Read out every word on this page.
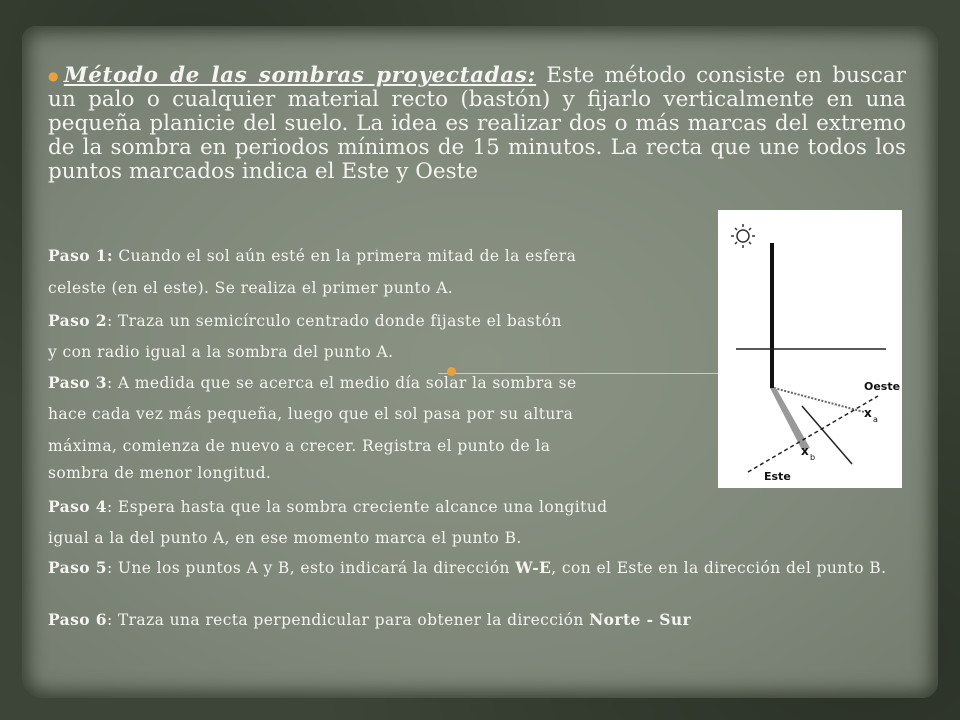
●Método de las sombras proyectadas: Este método consiste en buscar un palo o cualquier material recto (bastón) y fijarlo verticalmente en una pequeña planicie del suelo. La idea es realizar dos o más marcas del extremo de la sombra en periodos mínimos de 15 minutos. La recta que une todos los puntos marcados indica el Este y Oeste
Paso 1: Cuando el sol aún esté en la primera mitad de la esfera
celeste (en el este). Se realiza el primer punto A.
Paso 2: Traza un semicírculo centrado donde fijaste el bastón
y con radio igual a la sombra del punto A.
Paso 3: A medida que se acerca el medio día solar la sombra se
hace cada vez más pequeña, luego que el sol pasa por su altura
máxima, comienza de nuevo a crecer. Registra el punto de la
sombra de menor longitud.
Paso 4: Espera hasta que la sombra creciente alcance una longitud
igual a la del punto A, en ese momento marca el punto B.
Paso 5: Une los puntos A y B, esto indicará la dirección W-E, con el Este en la dirección del punto B.
Paso 6: Traza una recta perpendicular para obtener la dirección Norte - Sur
x a
x b
Oeste
Este
